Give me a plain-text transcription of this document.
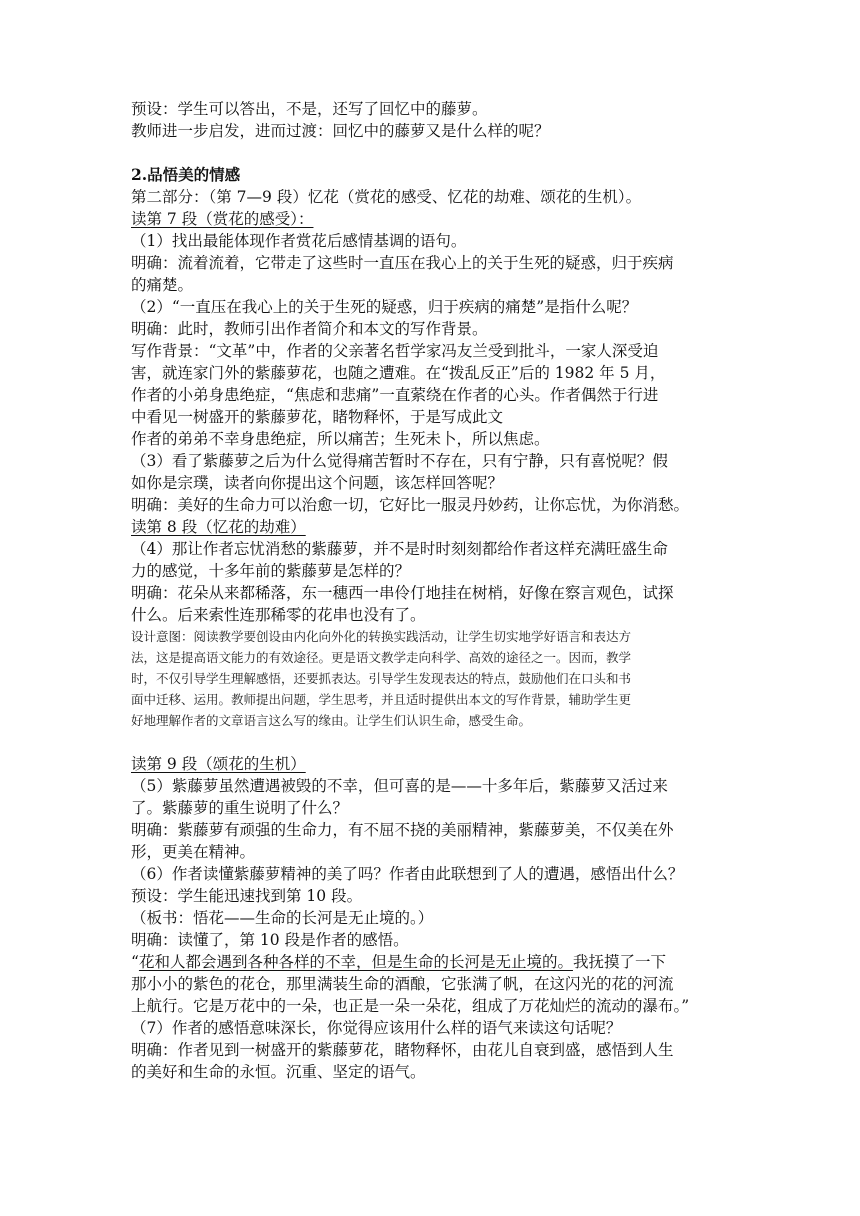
预设：学生可以答出，不是，还写了回忆中的藤萝。
教师进一步启发，进而过渡：回忆中的藤萝又是什么样的呢？
2.品悟美的情感
第二部分：（第 7—9 段）忆花（赏花的感受、忆花的劫难、颂花的生机）。
读第 7 段（赏花的感受）：
（1）找出最能体现作者赏花后感情基调的语句。
明确：流着流着，它带走了这些时一直压在我心上的关于生死的疑惑，归于疾病
的痛楚。
（2）“一直压在我心上的关于生死的疑惑，归于疾病的痛楚”是指什么呢？
明确：此时，教师引出作者简介和本文的写作背景。
写作背景：“文革”中，作者的父亲著名哲学家冯友兰受到批斗，一家人深受迫
害，就连家门外的紫藤萝花，也随之遭难。在“拨乱反正”后的 1982 年 5 月，
作者的小弟身患绝症，“焦虑和悲痛”一直萦绕在作者的心头。作者偶然于行进
中看见一树盛开的紫藤萝花，睹物释怀，于是写成此文
作者的弟弟不幸身患绝症，所以痛苦；生死未卜，所以焦虑。
（3）看了紫藤萝之后为什么觉得痛苦暂时不存在，只有宁静，只有喜悦呢？假
如你是宗璞，读者向你提出这个问题，该怎样回答呢？
明确：美好的生命力可以治愈一切，它好比一服灵丹妙药，让你忘忧，为你消愁。
读第 8 段（忆花的劫难）
（4）那让作者忘忧消愁的紫藤萝，并不是时时刻刻都给作者这样充满旺盛生命
力的感觉，十多年前的紫藤萝是怎样的？
明确：花朵从来都稀落，东一穗西一串伶仃地挂在树梢，好像在察言观色，试探
什么。后来索性连那稀零的花串也没有了。
设计意图：阅读教学要创设由内化向外化的转换实践活动，让学生切实地学好语言和表达方
法，这是提高语文能力的有效途径。更是语文教学走向科学、高效的途径之一。因而，教学
时，不仅引导学生理解感悟，还要抓表达。引导学生发现表达的特点，鼓励他们在口头和书
面中迁移、运用。教师提出问题，学生思考，并且适时提供出本文的写作背景，辅助学生更
好地理解作者的文章语言这么写的缘由。让学生们认识生命，感受生命。
读第 9 段（颂花的生机）
（5）紫藤萝虽然遭遇被毁的不幸，但可喜的是——十多年后，紫藤萝又活过来
了。紫藤萝的重生说明了什么？
明确：紫藤萝有顽强的生命力，有不屈不挠的美丽精神，紫藤萝美，不仅美在外
形，更美在精神。
（6）作者读懂紫藤萝精神的美了吗？作者由此联想到了人的遭遇，感悟出什么？
预设：学生能迅速找到第 10 段。
（板书：悟花——生命的长河是无止境的。）
明确：读懂了，第 10 段是作者的感悟。
“花和人都会遇到各种各样的不幸，但是生命的长河是无止境的。我抚摸了一下
那小小的紫色的花仓，那里满装生命的酒酿，它张满了帆，在这闪光的花的河流
上航行。它是万花中的一朵，也正是一朵一朵花，组成了万花灿烂的流动的瀑布。”
（7）作者的感悟意味深长，你觉得应该用什么样的语气来读这句话呢？
明确：作者见到一树盛开的紫藤萝花，睹物释怀，由花儿自衰到盛，感悟到人生
的美好和生命的永恒。沉重、坚定的语气。
